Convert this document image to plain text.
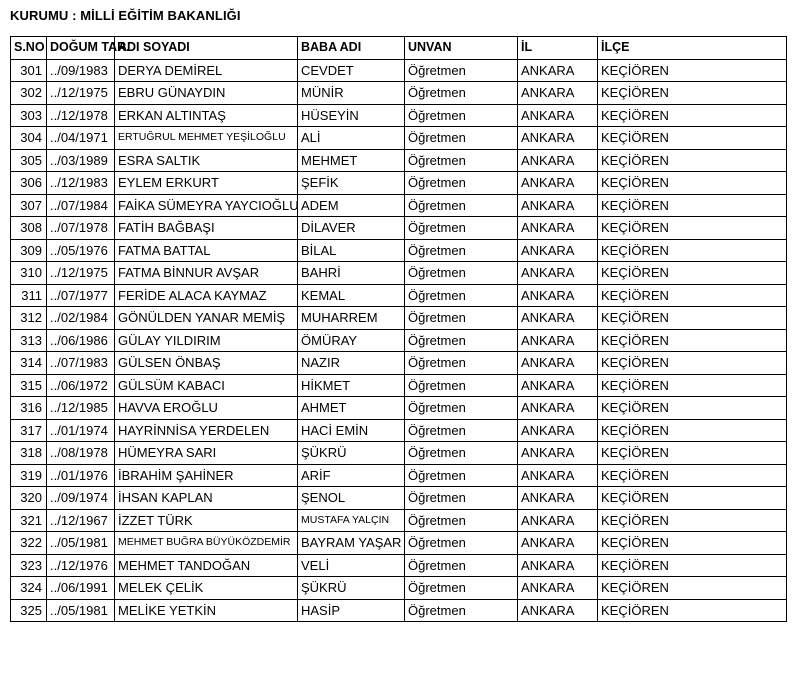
KURUMU : MİLLİ EĞİTİM BAKANLIĞI
S.NO	DOĞUM TAR.	ADI SOYADI	BABA ADI	UNVAN	İL	İLÇE
301	../09/1983	DERYA DEMİREL	CEVDET	Öğretmen	ANKARA	KEÇİÖREN
302	../12/1975	EBRU GÜNAYDIN	MÜNİR	Öğretmen	ANKARA	KEÇİÖREN
303	../12/1978	ERKAN ALTINTAŞ	HÜSEYİN	Öğretmen	ANKARA	KEÇİÖREN
304	../04/1971	ERTUĞRUL MEHMET YEŞİLOĞLU	ALİ	Öğretmen	ANKARA	KEÇİÖREN
305	../03/1989	ESRA SALTIK	MEHMET	Öğretmen	ANKARA	KEÇİÖREN
306	../12/1983	EYLEM ERKURT	ŞEFİK	Öğretmen	ANKARA	KEÇİÖREN
307	../07/1984	FAİKA SÜMEYRA YAYCIOĞLU	ADEM	Öğretmen	ANKARA	KEÇİÖREN
308	../07/1978	FATİH BAĞBAŞI	DİLAVER	Öğretmen	ANKARA	KEÇİÖREN
309	../05/1976	FATMA BATTAL	BİLAL	Öğretmen	ANKARA	KEÇİÖREN
310	../12/1975	FATMA BİNNUR AVŞAR	BAHRİ	Öğretmen	ANKARA	KEÇİÖREN
311	../07/1977	FERİDE ALACA KAYMAZ	KEMAL	Öğretmen	ANKARA	KEÇİÖREN
312	../02/1984	GÖNÜLDEN YANAR MEMİŞ	MUHARREM	Öğretmen	ANKARA	KEÇİÖREN
313	../06/1986	GÜLAY YILDIRIM	ÖMÜRAY	Öğretmen	ANKARA	KEÇİÖREN
314	../07/1983	GÜLSEN ÖNBAŞ	NAZIR	Öğretmen	ANKARA	KEÇİÖREN
315	../06/1972	GÜLSÜM KABACI	HİKMET	Öğretmen	ANKARA	KEÇİÖREN
316	../12/1985	HAVVA EROĞLU	AHMET	Öğretmen	ANKARA	KEÇİÖREN
317	../01/1974	HAYRİNNİSA YERDELEN	HACİ EMİN	Öğretmen	ANKARA	KEÇİÖREN
318	../08/1978	HÜMEYRA SARI	ŞÜKRÜ	Öğretmen	ANKARA	KEÇİÖREN
319	../01/1976	İBRAHİM ŞAHİNER	ARİF	Öğretmen	ANKARA	KEÇİÖREN
320	../09/1974	İHSAN KAPLAN	ŞENOL	Öğretmen	ANKARA	KEÇİÖREN
321	../12/1967	İZZET TÜRK	MUSTAFA YALÇIN	Öğretmen	ANKARA	KEÇİÖREN
322	../05/1981	MEHMET BUĞRA BÜYÜKÖZDEMİR	BAYRAM YAŞAR	Öğretmen	ANKARA	KEÇİÖREN
323	../12/1976	MEHMET TANDOĞAN	VELİ	Öğretmen	ANKARA	KEÇİÖREN
324	../06/1991	MELEK ÇELİK	ŞÜKRÜ	Öğretmen	ANKARA	KEÇİÖREN
325	../05/1981	MELİKE YETKİN	HASİP	Öğretmen	ANKARA	KEÇİÖREN
